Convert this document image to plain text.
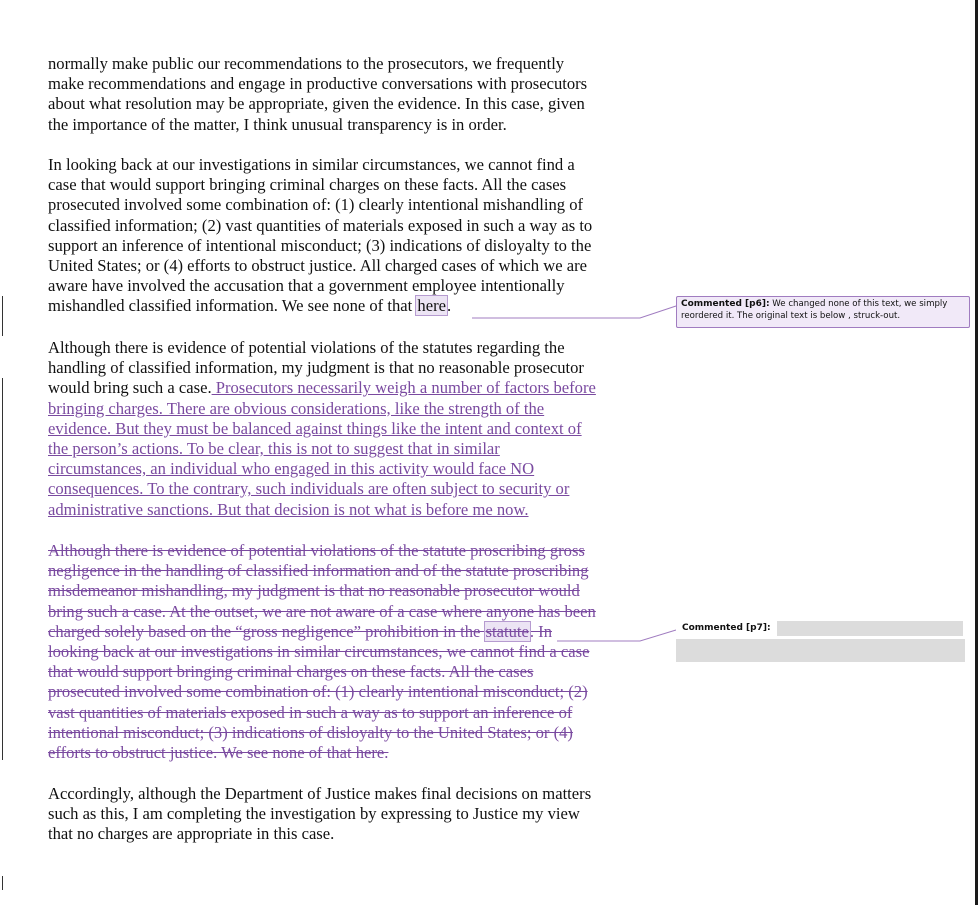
normally make public our recommendations to the prosecutors, we frequently
make recommendations and engage in productive conversations with prosecutors
about what resolution may be appropriate, given the evidence. In this case, given
the importance of the matter, I think unusual transparency is in order.

In looking back at our investigations in similar circumstances, we cannot find a
case that would support bringing criminal charges on these facts. All the cases
prosecuted involved some combination of: (1) clearly intentional mishandling of
classified information; (2) vast quantities of materials exposed in such a way as to
support an inference of intentional misconduct; (3) indications of disloyalty to the
United States; or (4) efforts to obstruct justice. All charged cases of which we are
aware have involved the accusation that a government employee intentionally
mishandled classified information. We see none of that here.

Although there is evidence of potential violations of the statutes regarding the
handling of classified information, my judgment is that no reasonable prosecutor
would bring such a case. Prosecutors necessarily weigh a number of factors before
bringing charges. There are obvious considerations, like the strength of the
evidence. But they must be balanced against things like the intent and context of
the person’s actions. To be clear, this is not to suggest that in similar
circumstances, an individual who engaged in this activity would face NO
consequences. To the contrary, such individuals are often subject to security or
administrative sanctions. But that decision is not what is before me now.

Although there is evidence of potential violations of the statute proscribing gross
negligence in the handling of classified information and of the statute proscribing
misdemeanor mishandling, my judgment is that no reasonable prosecutor would
bring such a case. At the outset, we are not aware of a case where anyone has been
charged solely based on the “gross negligence” prohibition in the statute. In
looking back at our investigations in similar circumstances, we cannot find a case
that would support bringing criminal charges on these facts. All the cases
prosecuted involved some combination of: (1) clearly intentional misconduct; (2)
vast quantities of materials exposed in such a way as to support an inference of
intentional misconduct; (3) indications of disloyalty to the United States; or (4)
efforts to obstruct justice. We see none of that here.

Accordingly, although the Department of Justice makes final decisions on matters
such as this, I am completing the investigation by expressing to Justice my view
that no charges are appropriate in this case.

Commented [p6]: We changed none of this text, we simply reordered it. The original text is below , struck-out.
Commented [p7]:
